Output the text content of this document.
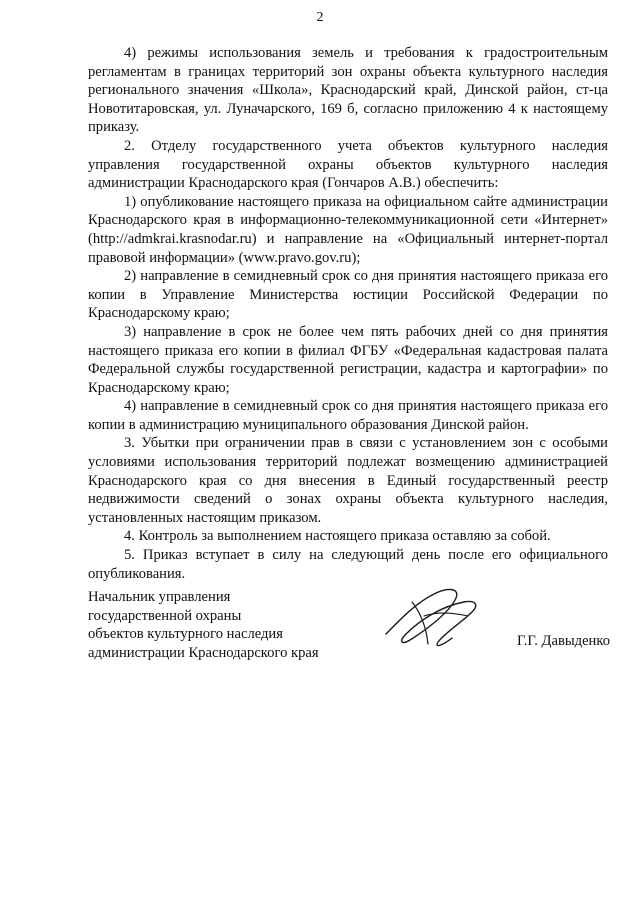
2

4) режимы использования земель и требования к градостроительным регламентам в границах территорий зон охраны объекта культурного наследия регионального значения «Школа», Краснодарский край, Динской район, ст-ца Новотитаровская, ул. Луначарского, 169 б, согласно приложению 4 к настоящему приказу.

2. Отделу государственного учета объектов культурного наследия управления государственной охраны объектов культурного наследия администрации Краснодарского края (Гончаров А.В.) обеспечить:

1) опубликование настоящего приказа на официальном сайте администрации Краснодарского края в информационно-телекоммуникационной сети «Интернет» (http://admkrai.krasnodar.ru) и направление на «Официальный интернет-портал правовой информации» (www.pravo.gov.ru);

2) направление в семидневный срок со дня принятия настоящего приказа его копии в Управление Министерства юстиции Российской Федерации по Краснодарскому краю;

3) направление в срок не более чем пять рабочих дней со дня принятия настоящего приказа его копии в филиал ФГБУ «Федеральная кадастровая палата Федеральной службы государственной регистрации, кадастра и картографии» по Краснодарскому краю;

4) направление в семидневный срок со дня принятия настоящего приказа его копии в администрацию муниципального образования Динской район.

3. Убытки при ограничении прав в связи с установлением зон с особыми условиями использования территорий подлежат возмещению администрацией Краснодарского края со дня внесения в Единый государственный реестр недвижимости сведений о зонах охраны объекта культурного наследия, установленных настоящим приказом.

4. Контроль за выполнением настоящего приказа оставляю за собой.

5. Приказ вступает в силу на следующий день после его официального опубликования.

Начальник управления
государственной охраны
объектов культурного наследия
администрации Краснодарского края
Г.Г. Давыденко
